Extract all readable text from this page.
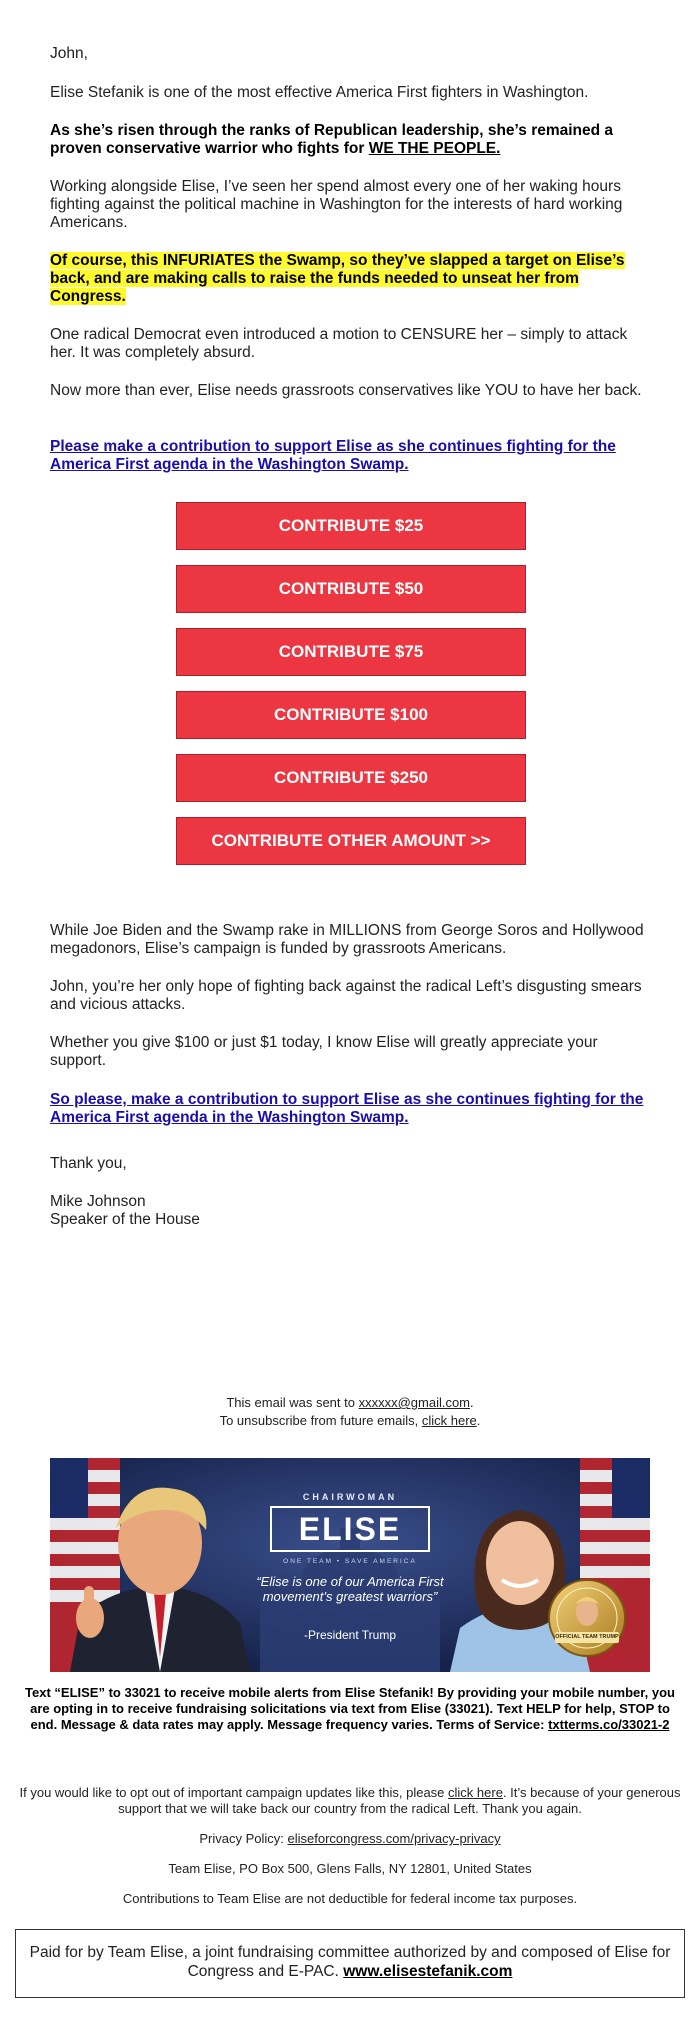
John,

Elise Stefanik is one of the most effective America First fighters in Washington.

As she’s risen through the ranks of Republican leadership, she’s remained a proven conservative warrior who fights for WE THE PEOPLE.

Working alongside Elise, I’ve seen her spend almost every one of her waking hours fighting against the political machine in Washington for the interests of hard working Americans.

Of course, this INFURIATES the Swamp, so they’ve slapped a target on Elise’s back, and are making calls to raise the funds needed to unseat her from Congress.

One radical Democrat even introduced a motion to CENSURE her – simply to attack her. It was completely absurd.

Now more than ever, Elise needs grassroots conservatives like YOU to have her back.

Please make a contribution to support Elise as she continues fighting for the America First agenda in the Washington Swamp.

CONTRIBUTE $25
CONTRIBUTE $50
CONTRIBUTE $75
CONTRIBUTE $100
CONTRIBUTE $250
CONTRIBUTE OTHER AMOUNT >>

While Joe Biden and the Swamp rake in MILLIONS from George Soros and Hollywood megadonors, Elise’s campaign is funded by grassroots Americans.

John, you’re her only hope of fighting back against the radical Left’s disgusting smears and vicious attacks.

Whether you give $100 or just $1 today, I know Elise will greatly appreciate your support.

So please, make a contribution to support Elise as she continues fighting for the America First agenda in the Washington Swamp.

Thank you,

Mike Johnson

Speaker of the House

This email was sent to xxxxxx@gmail.com.
To unsubscribe from future emails, click here.
CHAIRWOMAN
ELISE
ONE TEAM • SAVE AMERICA
“Elise is one of our America First movement’s greatest warriors”
-President Trump	OFFICIAL TEAM TRUMP
Text “ELISE” to 33021 to receive mobile alerts from Elise Stefanik! By providing your mobile number, you are opting in to receive fundraising solicitations via text from Elise (33021). Text HELP for help, STOP to end. Message & data rates may apply. Message frequency varies. Terms of Service: txtterms.co/33021-2
If you would like to opt out of important campaign updates like this, please click here. It’s because of your generous support that we will take back our country from the radical Left. Thank you again.
Privacy Policy: eliseforcongress.com/privacy-privacy
Team Elise, PO Box 500, Glens Falls, NY 12801, United States
Contributions to Team Elise are not deductible for federal income tax purposes.
Paid for by Team Elise, a joint fundraising committee authorized by and composed of Elise for Congress and E-PAC. www.elisestefanik.com
